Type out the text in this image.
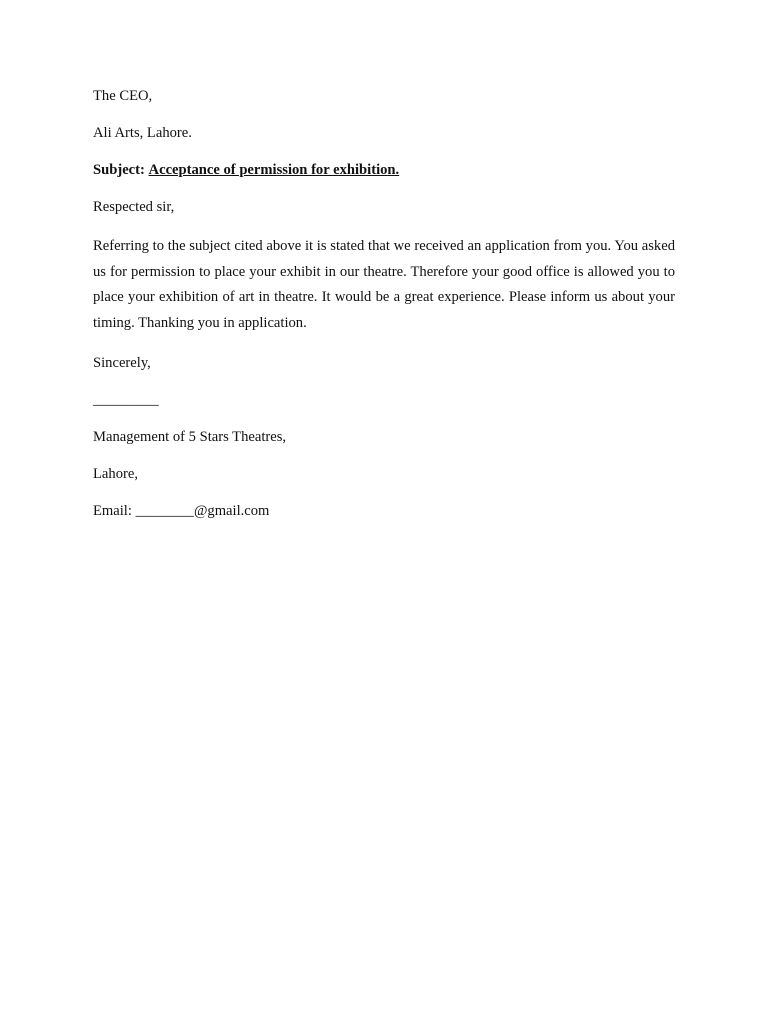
The CEO,

Ali Arts, Lahore.

Subject: Acceptance of permission for exhibition.

Respected sir,

Referring to the subject cited above it is stated that we received an application from you. You asked us for permission to place your exhibit in our theatre. Therefore your good office is allowed you to place your exhibition of art in theatre. It would be a great experience. Please inform us about your timing. Thanking you in application.

Sincerely,

_________

Management of 5 Stars Theatres,

Lahore,

Email: ________@gmail.com
